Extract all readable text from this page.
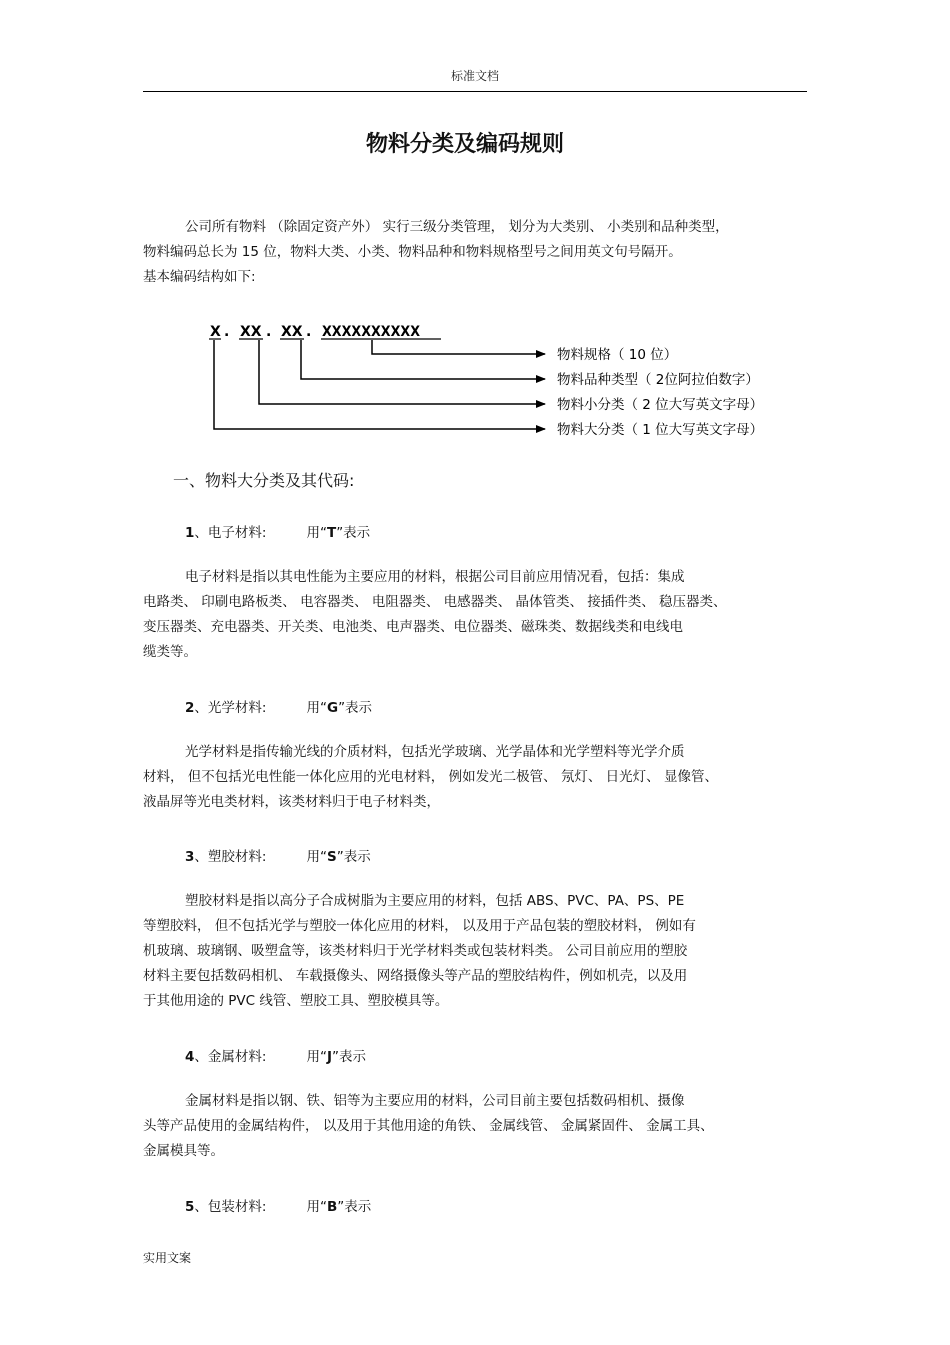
标准文档
物料分类及编码规则
公司所有物料 （除固定资产外） 实行三级分类管理， 划分为大类别、 小类别和品种类型，
物料编码总长为 15 位，物料大类、小类、物料品种和物料规格型号之间用英文句号隔开。
基本编码结构如下:
X . XX . XX . XXXXXXXXXX
物料规格（ 10 位）
物料品种类型（ 2位阿拉伯数字）
物料小分类（ 2 位大写英文字母）
物料大分类（ 1 位大写英文字母）
一、物料大分类及其代码:
1、电子材料:	用“T”表示
电子材料是指以其电性能为主要应用的材料，根据公司目前应用情况看，包括：集成
电路类、 印刷电路板类、 电容器类、 电阻器类、 电感器类、 晶体管类、 接插件类、 稳压器类、
变压器类、充电器类、开关类、电池类、电声器类、电位器类、磁珠类、数据线类和电线电
缆类等。
2、光学材料:	用“G”表示
光学材料是指传输光线的介质材料，包括光学玻璃、光学晶体和光学塑料等光学介质
材料， 但不包括光电性能一体化应用的光电材料， 例如发光二极管、 氖灯、 日光灯、 显像管、
液晶屏等光电类材料，该类材料归于电子材料类，
3、塑胶材料:	用“S”表示
塑胶材料是指以高分子合成树脂为主要应用的材料，包括 ABS、PVC、PA、PS、PE
等塑胶料， 但不包括光学与塑胶一体化应用的材料， 以及用于产品包装的塑胶材料， 例如有
机玻璃、玻璃钢、吸塑盒等，该类材料归于光学材料类或包装材料类。 公司目前应用的塑胶
材料主要包括数码相机、 车载摄像头、网络摄像头等产品的塑胶结构件，例如机壳，以及用
于其他用途的 PVC 线管、塑胶工具、塑胶模具等。
4、金属材料:	用“J”表示
金属材料是指以钢、铁、铝等为主要应用的材料，公司目前主要包括数码相机、摄像
头等产品使用的金属结构件， 以及用于其他用途的角铁、 金属线管、 金属紧固件、 金属工具、
金属模具等。
5、包装材料:	用“B”表示
实用文案
